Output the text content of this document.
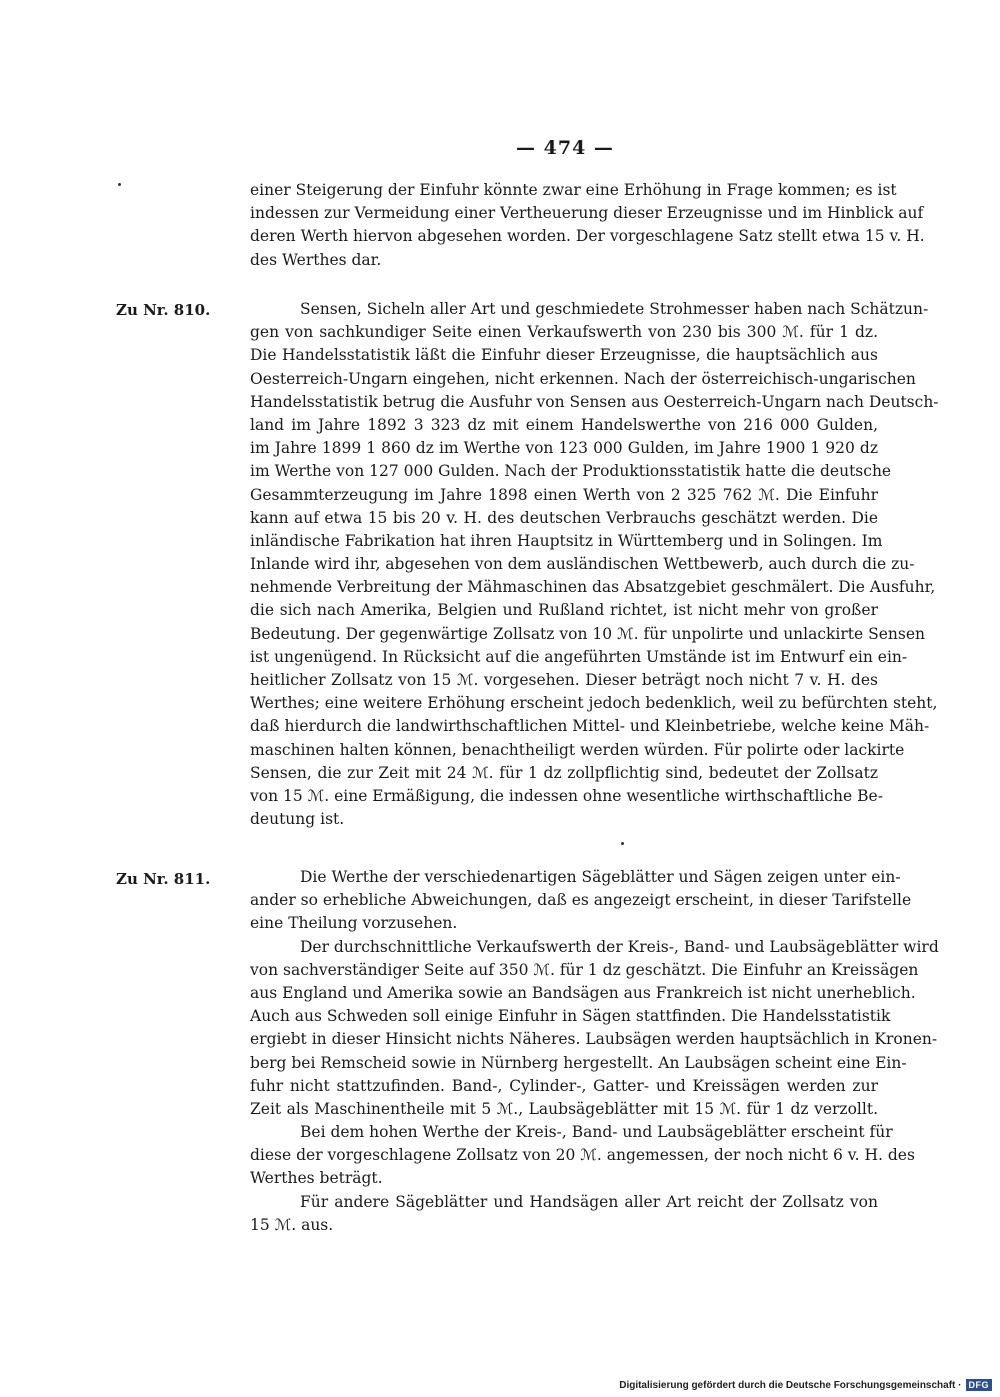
— 474 —
einer Steigerung der Einfuhr könnte zwar eine Erhöhung in Frage kommen; es ist
indessen zur Vermeidung einer Vertheuerung dieser Erzeugnisse und im Hinblick auf
deren Werth hiervon abgesehen worden. Der vorgeschlagene Satz stellt etwa 15 v. H.
des Werthes dar.
Zu Nr. 810.	Sensen, Sicheln aller Art und geschmiedete Strohmesser haben nach Schätzun-
gen von sachkundiger Seite einen Verkaufswerth von 230 bis 300 ℳ. für 1 dz.
Die Handelsstatistik läßt die Einfuhr dieser Erzeugnisse, die hauptsächlich aus
Oesterreich-Ungarn eingehen, nicht erkennen. Nach der österreichisch-ungarischen
Handelsstatistik betrug die Ausfuhr von Sensen aus Oesterreich-Ungarn nach Deutsch-
land im Jahre 1892 3 323 dz mit einem Handelswerthe von 216 000 Gulden,
im Jahre 1899 1 860 dz im Werthe von 123 000 Gulden, im Jahre 1900 1 920 dz
im Werthe von 127 000 Gulden. Nach der Produktionsstatistik hatte die deutsche
Gesammterzeugung im Jahre 1898 einen Werth von 2 325 762 ℳ. Die Einfuhr
kann auf etwa 15 bis 20 v. H. des deutschen Verbrauchs geschätzt werden. Die
inländische Fabrikation hat ihren Hauptsitz in Württemberg und in Solingen. Im
Inlande wird ihr, abgesehen von dem ausländischen Wettbewerb, auch durch die zu-
nehmende Verbreitung der Mähmaschinen das Absatzgebiet geschmälert. Die Ausfuhr,
die sich nach Amerika, Belgien und Rußland richtet, ist nicht mehr von großer
Bedeutung. Der gegenwärtige Zollsatz von 10 ℳ. für unpolirte und unlackirte Sensen
ist ungenügend. In Rücksicht auf die angeführten Umstände ist im Entwurf ein ein-
heitlicher Zollsatz von 15 ℳ. vorgesehen. Dieser beträgt noch nicht 7 v. H. des
Werthes; eine weitere Erhöhung erscheint jedoch bedenklich, weil zu befürchten steht,
daß hierdurch die landwirthschaftlichen Mittel- und Kleinbetriebe, welche keine Mäh-
maschinen halten können, benachtheiligt werden würden. Für polirte oder lackirte
Sensen, die zur Zeit mit 24 ℳ. für 1 dz zollpflichtig sind, bedeutet der Zollsatz
von 15 ℳ. eine Ermäßigung, die indessen ohne wesentliche wirthschaftliche Be-
deutung ist.
Zu Nr. 811.	Die Werthe der verschiedenartigen Sägeblätter und Sägen zeigen unter ein-
ander so erhebliche Abweichungen, daß es angezeigt erscheint, in dieser Tarifstelle
eine Theilung vorzusehen.
Der durchschnittliche Verkaufswerth der Kreis-, Band- und Laubsägeblätter wird
von sachverständiger Seite auf 350 ℳ. für 1 dz geschätzt. Die Einfuhr an Kreissägen
aus England und Amerika sowie an Bandsägen aus Frankreich ist nicht unerheblich.
Auch aus Schweden soll einige Einfuhr in Sägen stattfinden. Die Handelsstatistik
ergiebt in dieser Hinsicht nichts Näheres. Laubsägen werden hauptsächlich in Kronen-
berg bei Remscheid sowie in Nürnberg hergestellt. An Laubsägen scheint eine Ein-
fuhr nicht stattzufinden. Band-, Cylinder-, Gatter- und Kreissägen werden zur
Zeit als Maschinentheile mit 5 ℳ., Laubsägeblätter mit 15 ℳ. für 1 dz verzollt.
Bei dem hohen Werthe der Kreis-, Band- und Laubsägeblätter erscheint für
diese der vorgeschlagene Zollsatz von 20 ℳ. angemessen, der noch nicht 6 v. H. des
Werthes beträgt.
Für andere Sägeblätter und Handsägen aller Art reicht der Zollsatz von
15 ℳ. aus.
Digitalisierung gefördert durch die Deutsche Forschungsgemeinschaft · DFG
